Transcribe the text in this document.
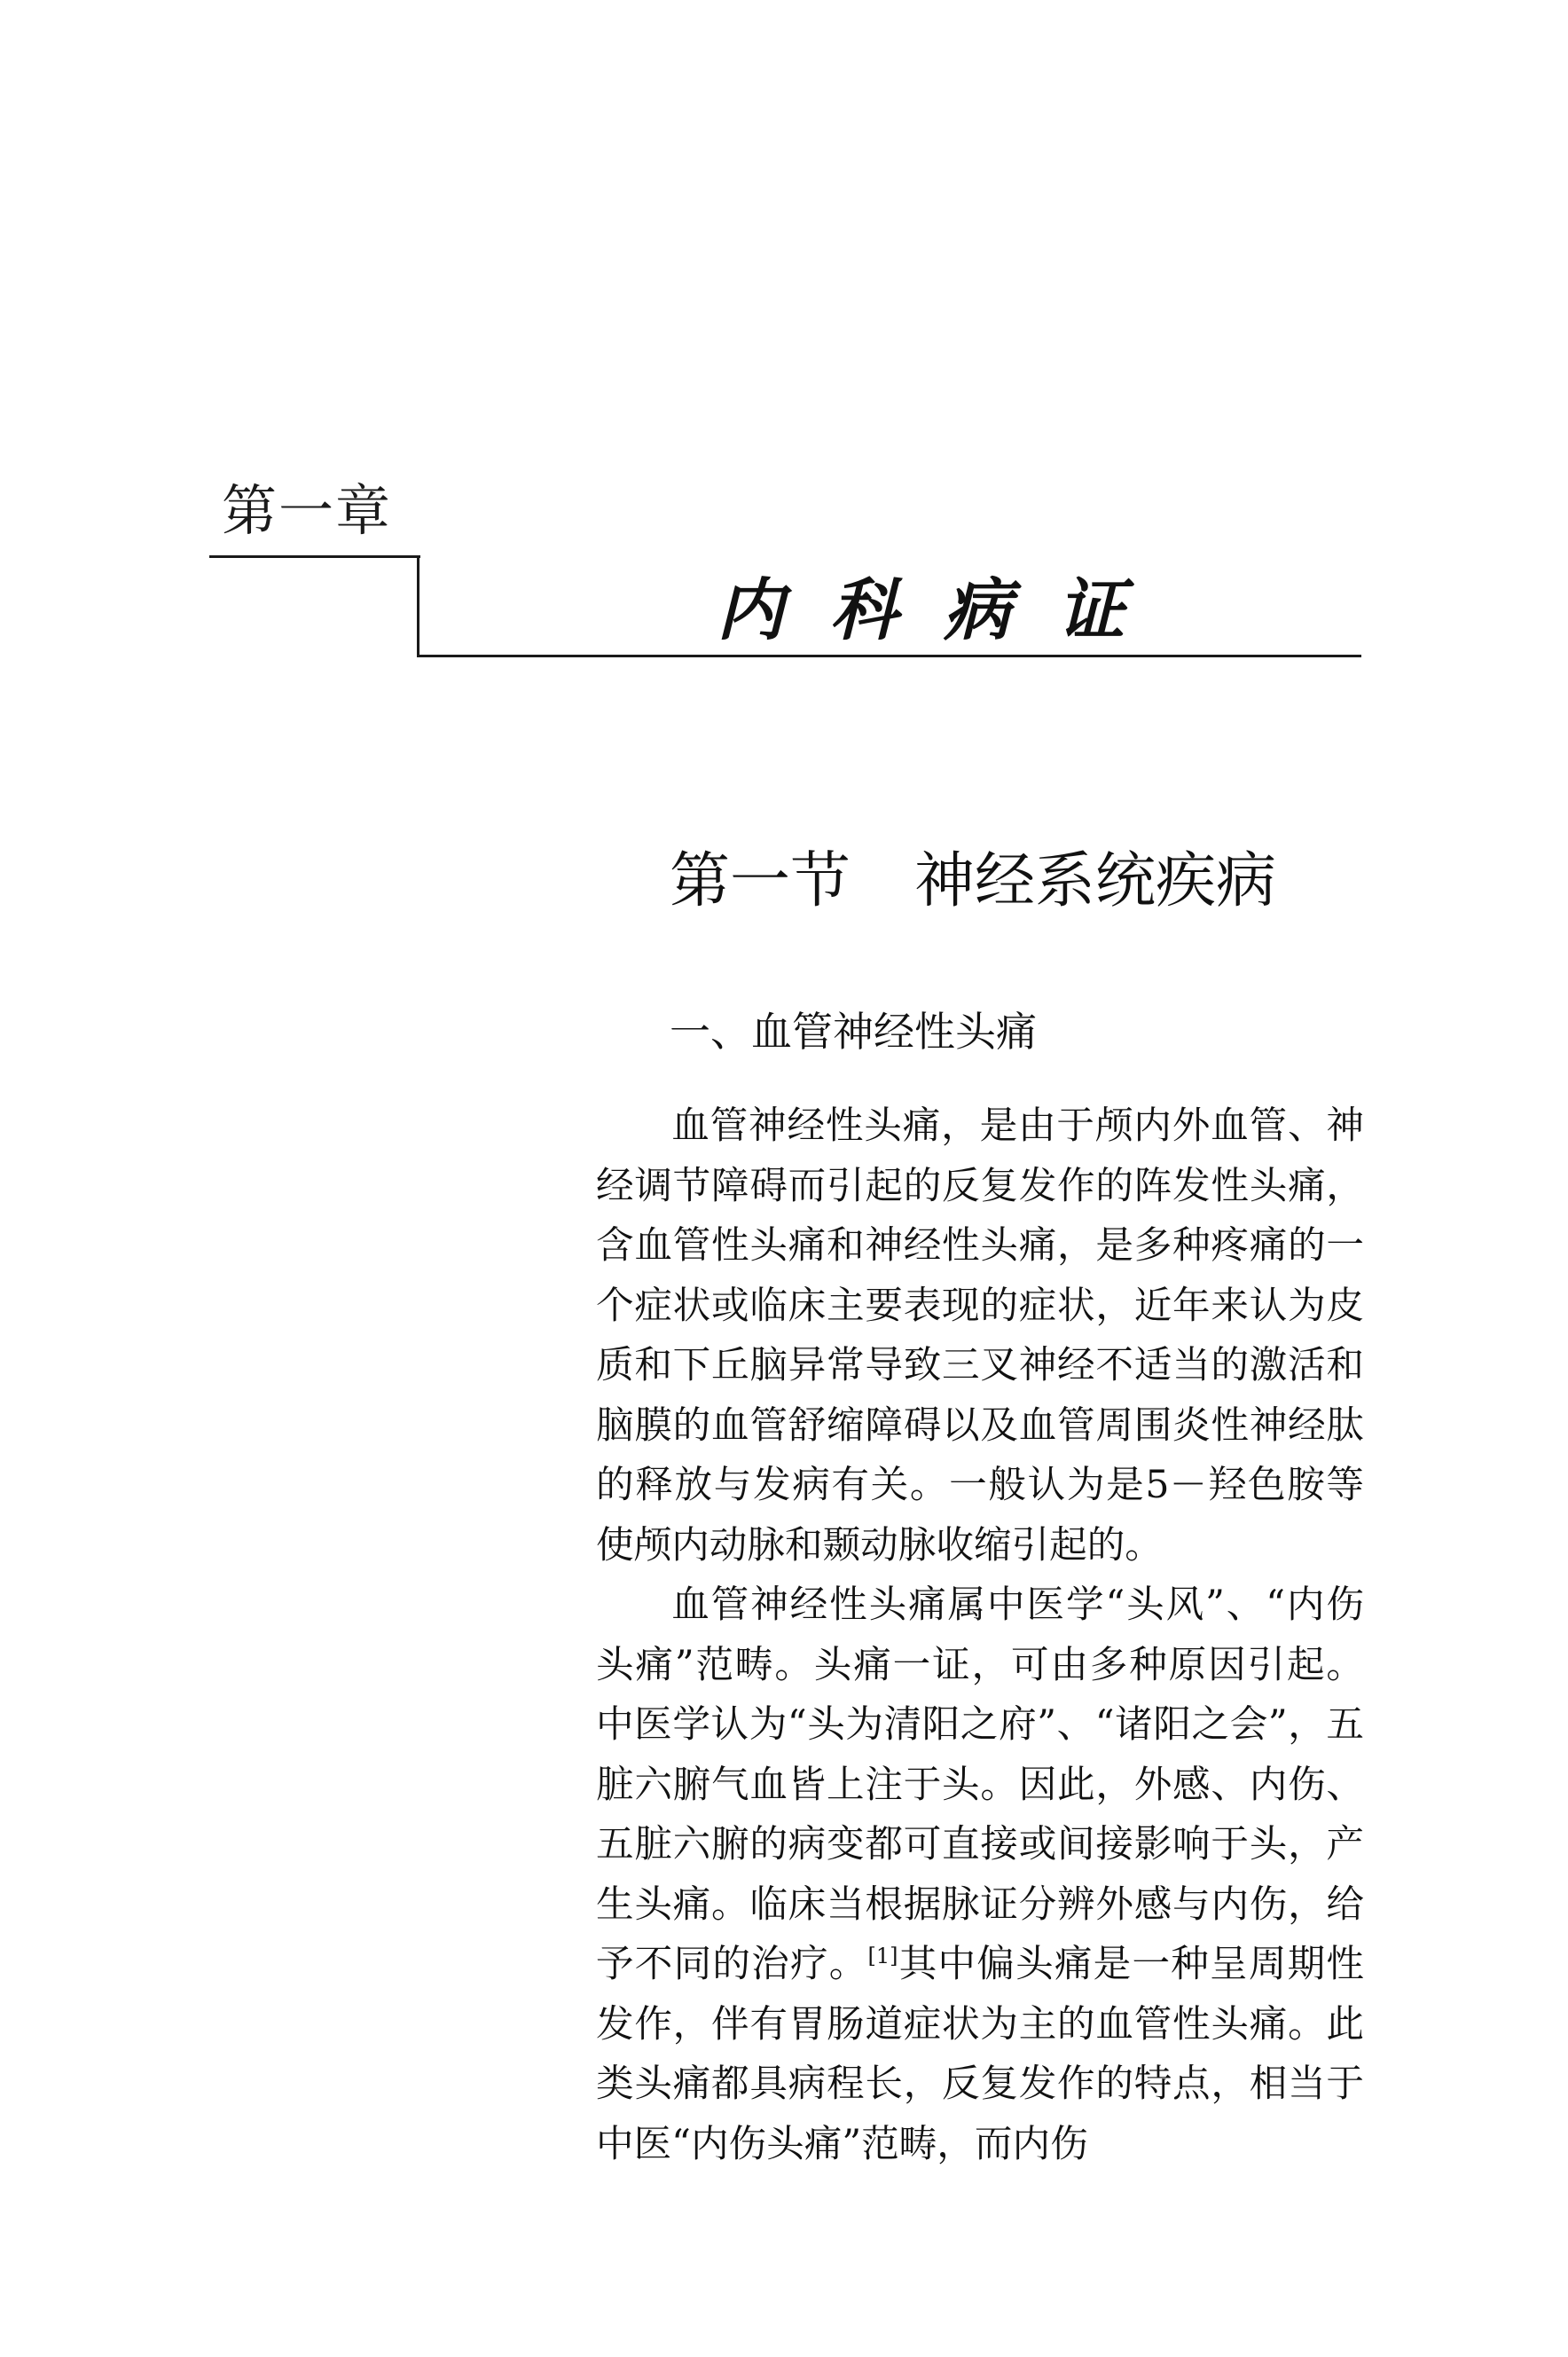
第一章
内科病证
第一节 神经系统疾病
一、血管神经性头痛

血管神经性头痛，是由于颅内外血管、神经调节障碍而引起的反复发作的阵发性头痛，含血管性头痛和神经性头痛，是多种疼痛的一个症状或临床主要表现的症状，近年来认为皮质和下丘脑异常导致三叉神经不适当的激活和脑膜的血管舒缩障碍以及血管周围炎性神经肽的释放与发病有关。一般认为是5－羟色胺等使颅内动脉和颞动脉收缩引起的。

血管神经性头痛属中医学“头风”、“内伤头痛”范畴。头痛一证，可由多种原因引起。中医学认为“头为清阳之府”、“诸阳之会”，五脏六腑气血皆上注于头。因此，外感、内伤、五脏六腑的病变都可直接或间接影响于头，产生头痛。临床当根据脉证分辨外感与内伤，给予不同的治疗。[1]其中偏头痛是一种呈周期性发作，伴有胃肠道症状为主的血管性头痛。此类头痛都具病程长，反复发作的特点，相当于中医“内伤头痛”范畴，而内伤
